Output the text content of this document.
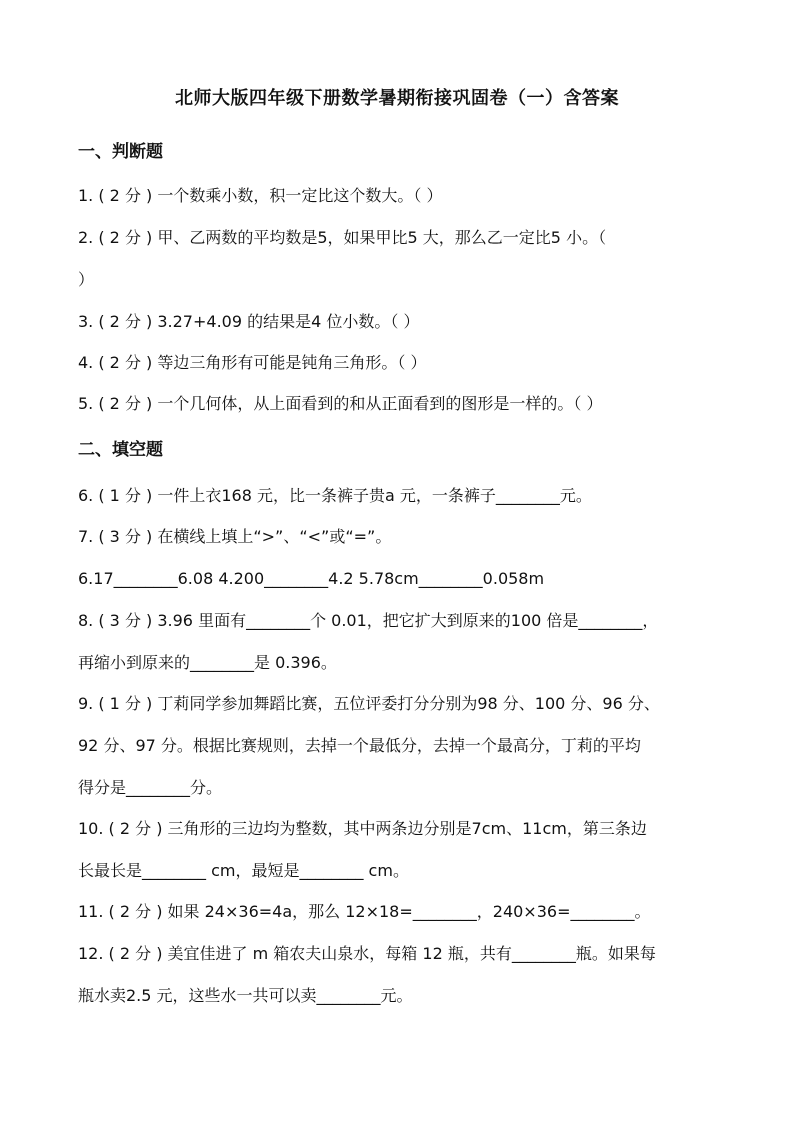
北师大版四年级下册数学暑期衔接巩固卷（一）含答案
一、判断题
1. ( 2 分 ) 一个数乘小数，积一定比这个数大。（ ）
2. ( 2 分 ) 甲、乙两数的平均数是5，如果甲比5 大，那么乙一定比5 小。（
）
3. ( 2 分 ) 3.27+4.09 的结果是4 位小数。（ ）
4. ( 2 分 ) 等边三角形有可能是钝角三角形。（ ）
5. ( 2 分 ) 一个几何体，从上面看到的和从正面看到的图形是一样的。（ ）
二、填空题
6. ( 1 分 ) 一件上衣168 元，比一条裤子贵a 元，一条裤子________元。
7. ( 3 分 ) 在横线上填上“>”、“<”或“=”。
6.17________6.08 4.200________4.2 5.78cm________0.058m
8. ( 3 分 ) 3.96 里面有________个 0.01，把它扩大到原来的100 倍是________，
再缩小到原来的________是 0.396。
9. ( 1 分 ) 丁莉同学参加舞蹈比赛，五位评委打分分别为98 分、100 分、96 分、
92 分、97 分。根据比赛规则，去掉一个最低分，去掉一个最高分，丁莉的平均
得分是________分。
10. ( 2 分 ) 三角形的三边均为整数，其中两条边分别是7cm、11cm，第三条边
长最长是________ cm，最短是________ cm。
11. ( 2 分 ) 如果 24×36=4a，那么 12×18=________，240×36=________。
12. ( 2 分 ) 美宜佳进了 m 箱农夫山泉水，每箱 12 瓶，共有________瓶。如果每
瓶水卖2.5 元，这些水一共可以卖________元。
